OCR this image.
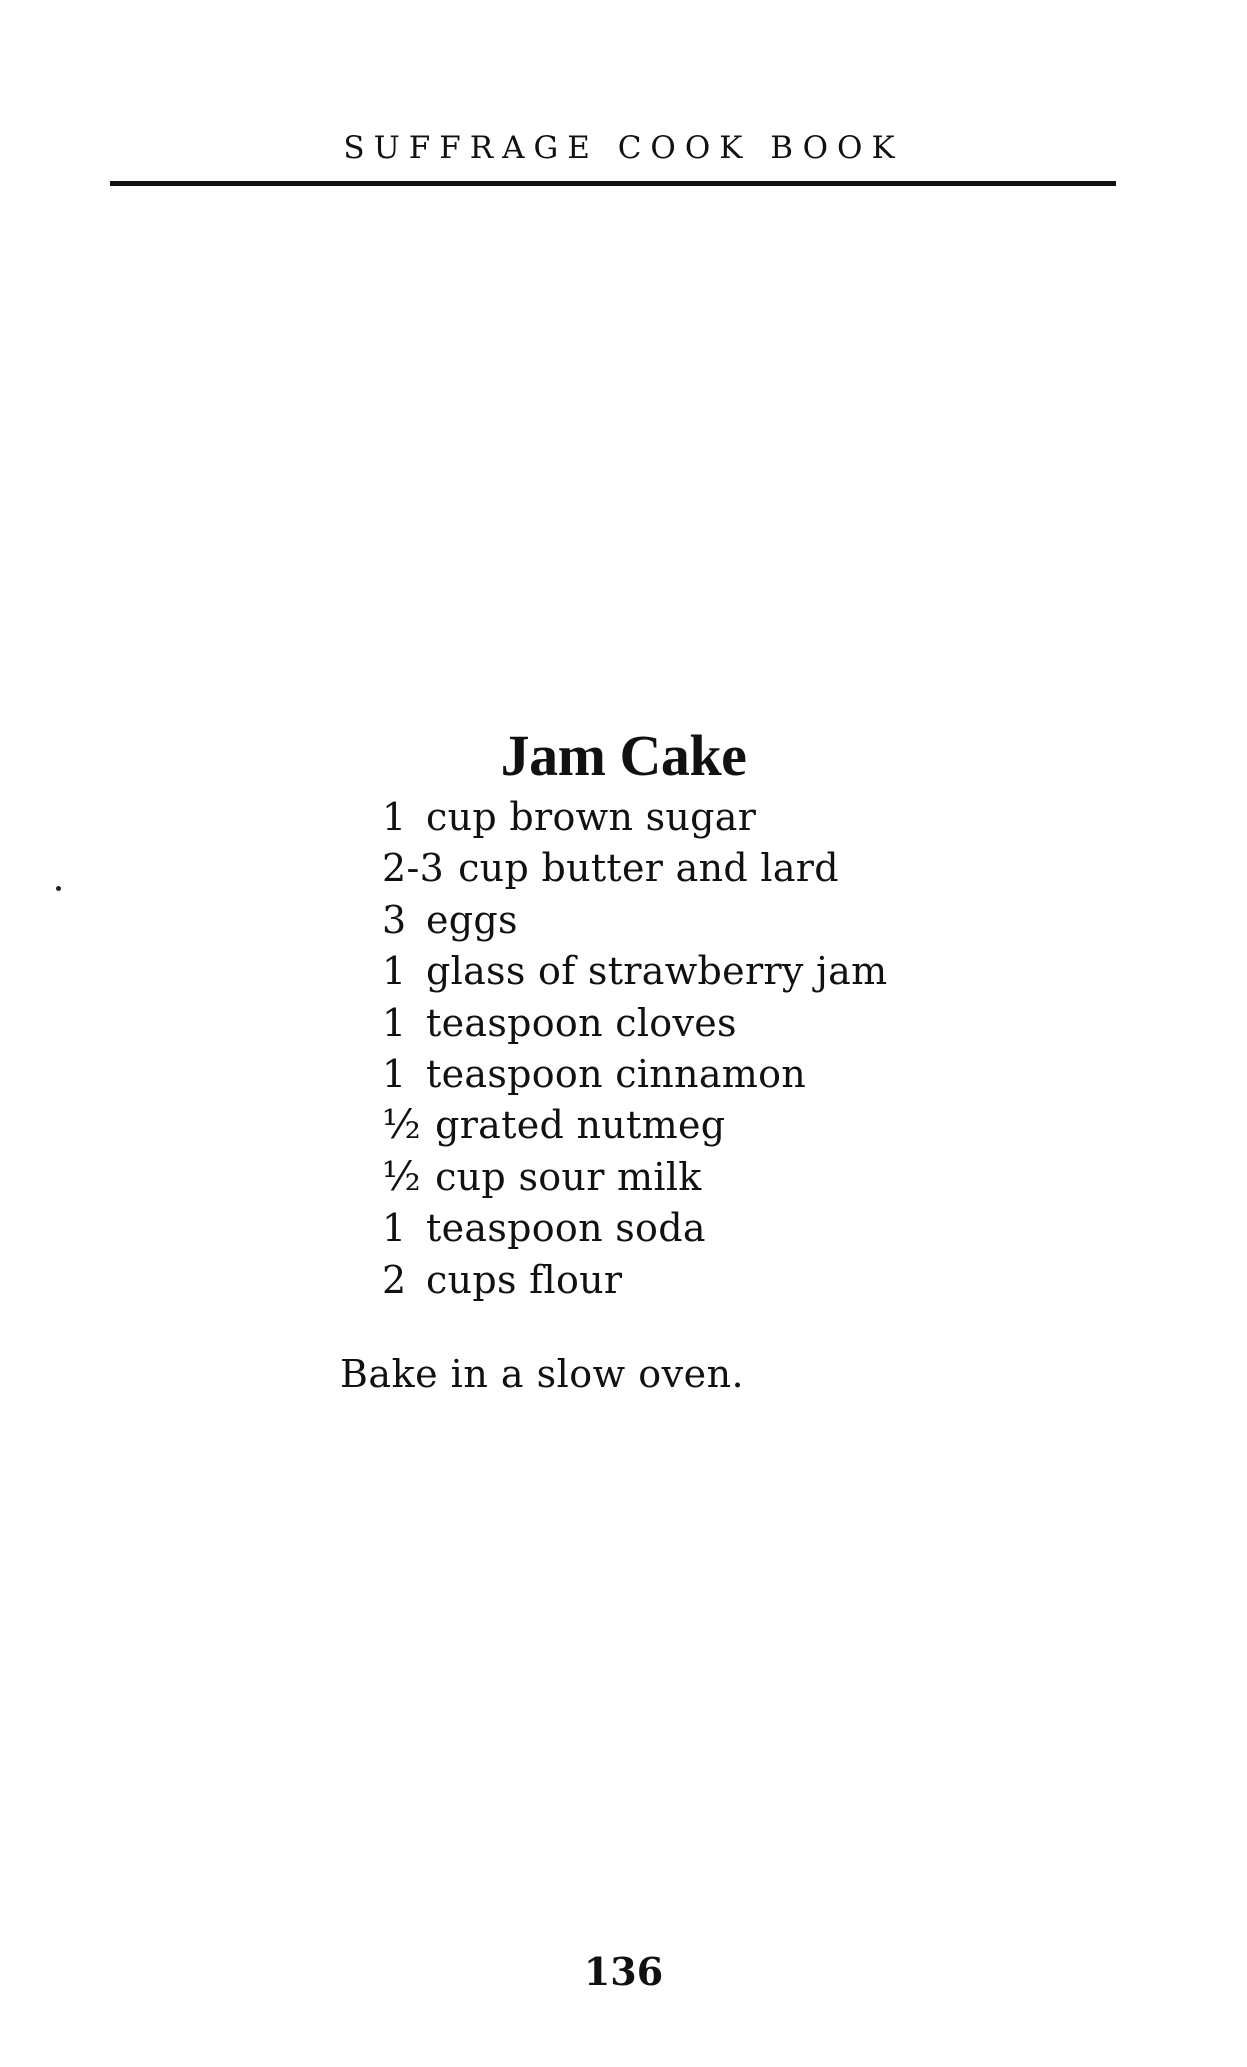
SUFFRAGE COOK BOOK
Jam Cake
1 cup brown sugar
2-3 cup butter and lard
3 eggs
1 glass of strawberry jam
1 teaspoon cloves
1 teaspoon cinnamon
½ grated nutmeg
½ cup sour milk
1 teaspoon soda
2 cups flour

Bake in a slow oven.

136
